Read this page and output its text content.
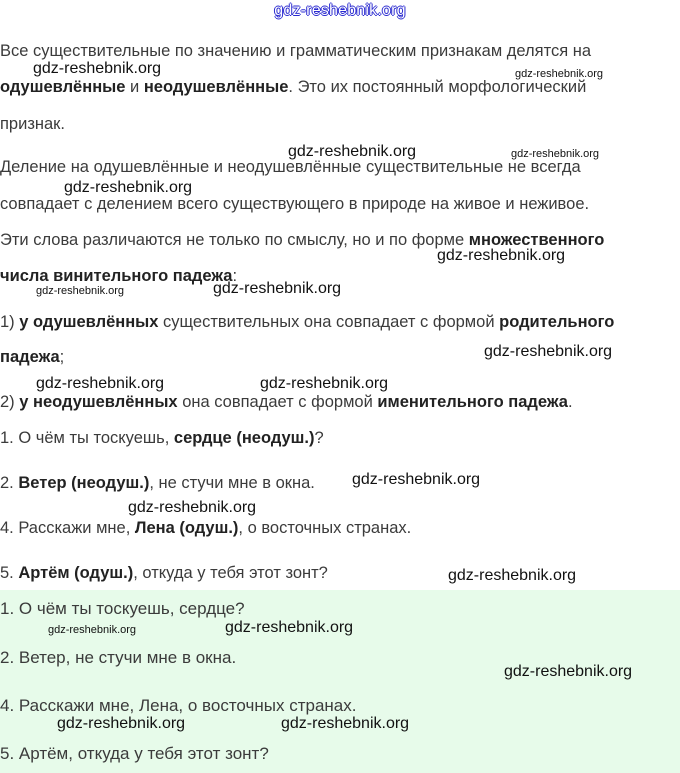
gdz-reshebnik.org
Все существительные по значению и грамматическим признакам делятся на
одушевлённые и неодушевлённые. Это их постоянный морфологический
признак.
Деление на одушевлённые и неодушевлённые существительные не всегда
совпадает с делением всего существующего в природе на живое и неживое.
Эти слова различаются не только по смыслу, но и по форме множественного
числа винительного падежа:
1) у одушевлённых существительных она совпадает с формой родительного
падежа;
2) у неодушевлённых она совпадает с формой именительного падежа.
1. О чём ты тоскуешь, сердце (неодуш.)?
2. Ветер (неодуш.), не стучи мне в окна.
4. Расскажи мне, Лена (одуш.), о восточных странах.
5. Артём (одуш.), откуда у тебя этот зонт?
1. О чём ты тоскуешь, сердце?
2. Ветер, не стучи мне в окна.
4. Расскажи мне, Лена, о восточных странах.
5. Артём, откуда у тебя этот зонт?
gdz-reshebnik.org	gdz-reshebnik.org
gdz-reshebnik.org	gdz-reshebnik.org
gdz-reshebnik.org
gdz-reshebnik.org
gdz-reshebnik.org	gdz-reshebnik.org
gdz-reshebnik.org
gdz-reshebnik.org	gdz-reshebnik.org
gdz-reshebnik.org
gdz-reshebnik.org
gdz-reshebnik.org
gdz-reshebnik.org	gdz-reshebnik.org
gdz-reshebnik.org
gdz-reshebnik.org	gdz-reshebnik.org
